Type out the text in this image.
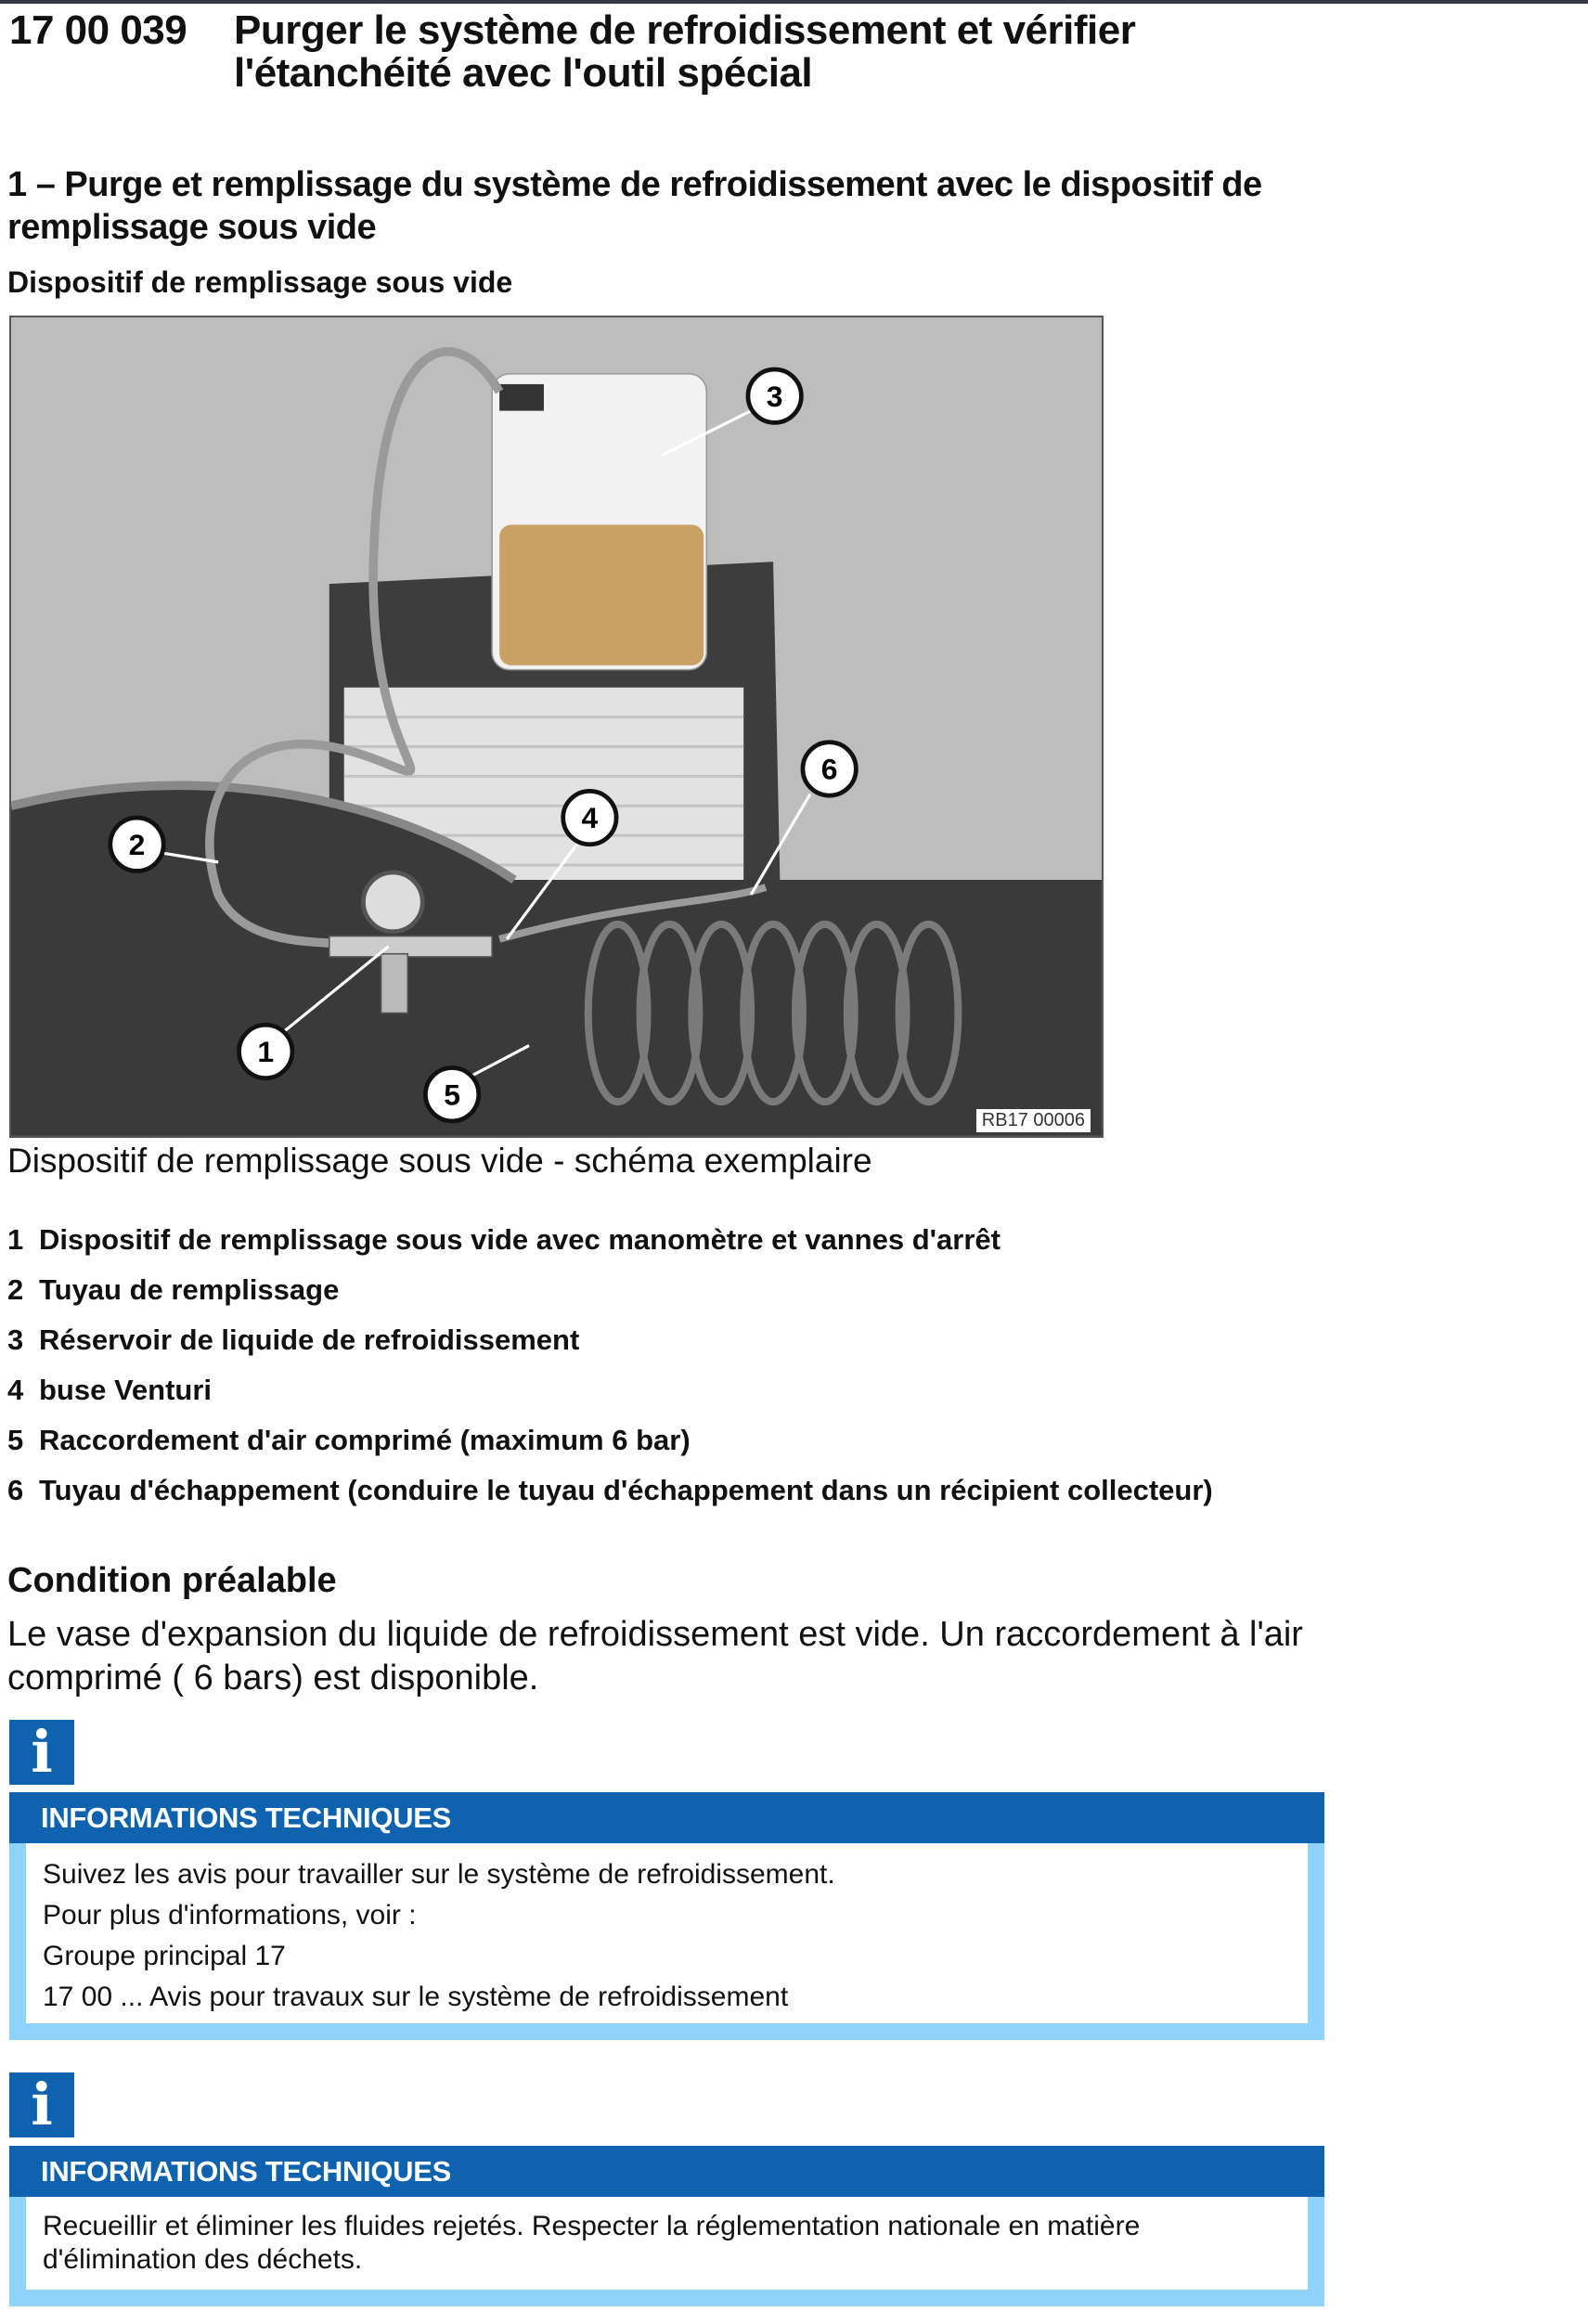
17 00 039 Purger le système de refroidissement et vérifier l'étanchéité avec l'outil spécial
1 – Purge et remplissage du système de refroidissement avec le dispositif de remplissage sous vide
Dispositif de remplissage sous vide
3
6
4
2
1
5
RB17 00006
Dispositif de remplissage sous vide - schéma exemplaire
1 Dispositif de remplissage sous vide avec manomètre et vannes d'arrêt
2 Tuyau de remplissage
3 Réservoir de liquide de refroidissement
4 buse Venturi
5 Raccordement d'air comprimé (maximum 6 bar)
6 Tuyau d'échappement (conduire le tuyau d'échappement dans un récipient collecteur)
Condition préalable
Le vase d'expansion du liquide de refroidissement est vide. Un raccordement à l'air comprimé ( 6 bars) est disponible.
i
INFORMATIONS TECHNIQUES
Suivez les avis pour travailler sur le système de refroidissement.
Pour plus d'informations, voir :
Groupe principal 17
17 00 ... Avis pour travaux sur le système de refroidissement
i
INFORMATIONS TECHNIQUES
Recueillir et éliminer les fluides rejetés. Respecter la réglementation nationale en matière d'élimination des déchets.
